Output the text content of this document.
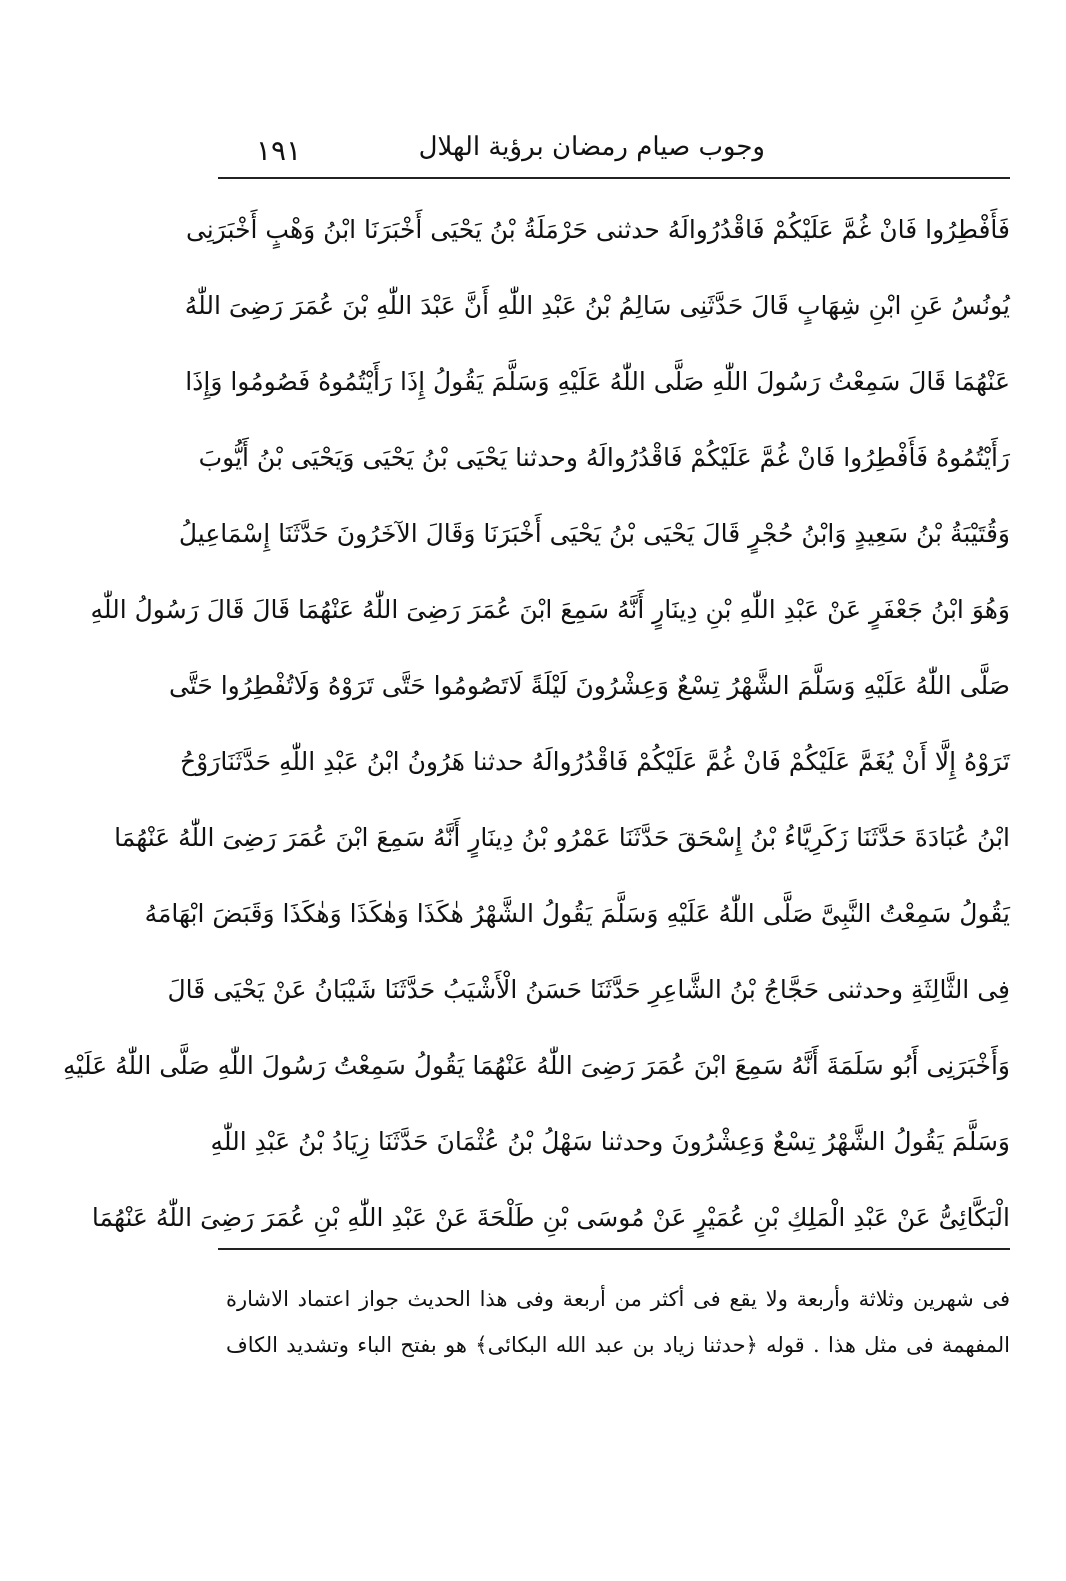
وجوب صيام رمضان برؤية الهلال
١٩١
فَأَفْطِرُوا فَانْ غُمَّ عَلَيْكُمْ فَاقْدُرُوالَهُ حدثنى حَرْمَلَةُ بْنُ يَحْيَى أَخْبَرَنَا ابْنُ وَهْبٍ أَخْبَرَنِى
يُونُسُ عَنِ ابْنِ شِهَابٍ قَالَ حَدَّثَنِى سَالِمُ بْنُ عَبْدِ اللّٰهِ أَنَّ عَبْدَ اللّٰهِ بْنَ عُمَرَ رَضِىَ اللّٰهُ
عَنْهُمَا قَالَ سَمِعْتُ رَسُولَ اللّٰهِ صَلَّى اللّٰهُ عَلَيْهِ وَسَلَّمَ يَقُولُ إِذَا رَأَيْتُمُوهُ فَصُومُوا وَإِذَا
رَأَيْتُمُوهُ فَأَفْطِرُوا فَانْ غُمَّ عَلَيْكُمْ فَاقْدُرُوالَهُ وحدثنا يَحْيَى بْنُ يَحْيَى وَيَحْيَى بْنُ أَيُّوبَ
وَقُتَيْبَةُ بْنُ سَعِيدٍ وَابْنُ حُجْرٍ قَالَ يَحْيَى بْنُ يَحْيَى أَخْبَرَنَا وَقَالَ الآخَرُونَ حَدَّثَنَا إِسْمَاعِيلُ
وَهُوَ ابْنُ جَعْفَرٍ عَنْ عَبْدِ اللّٰهِ بْنِ دِينَارٍ أَنَّهُ سَمِعَ ابْنَ عُمَرَ رَضِىَ اللّٰهُ عَنْهُمَا قَالَ قَالَ رَسُولُ اللّٰهِ
صَلَّى اللّٰهُ عَلَيْهِ وَسَلَّمَ الشَّهْرُ تِسْعٌ وَعِشْرُونَ لَيْلَةً لَاتَصُومُوا حَتَّى تَرَوْهُ وَلَاتُفْطِرُوا حَتَّى
تَرَوْهُ إِلَّا أَنْ يُغَمَّ عَلَيْكُمْ فَانْ غُمَّ عَلَيْكُمْ فَاقْدُرُوالَهُ حدثنا هَرُونُ ابْنُ عَبْدِ اللّٰهِ حَدَّثَنَارَوْحُ
ابْنُ عُبَادَةَ حَدَّثَنَا زَكَرِيَّاءُ بْنُ إِسْحَقَ حَدَّثَنَا عَمْرُو بْنُ دِينَارٍ أَنَّهُ سَمِعَ ابْنَ عُمَرَ رَضِىَ اللّٰهُ عَنْهُمَا
يَقُولُ سَمِعْتُ النَّبِىَّ صَلَّى اللّٰهُ عَلَيْهِ وَسَلَّمَ يَقُولُ الشَّهْرُ هٰكَذَا وَهٰكَذَا وَهٰكَذَا وَقَبَضَ ابْهَامَهُ
فِى الثَّالِثَةِ وحدثنى حَجَّاجُ بْنُ الشَّاعِرِ حَدَّثَنَا حَسَنُ الْأَشْيَبُ حَدَّثَنَا شَيْبَانُ عَنْ يَحْيَى قَالَ
وَأَخْبَرَنِى أَبُو سَلَمَةَ أَنَّهُ سَمِعَ ابْنَ عُمَرَ رَضِىَ اللّٰهُ عَنْهُمَا يَقُولُ سَمِعْتُ رَسُولَ اللّٰهِ صَلَّى اللّٰهُ عَلَيْهِ
وَسَلَّمَ يَقُولُ الشَّهْرُ تِسْعٌ وَعِشْرُونَ وحدثنا سَهْلُ بْنُ عُثْمَانَ حَدَّثَنَا زِيَادُ بْنُ عَبْدِ اللّٰهِ
الْبَكَّائِىُّ عَنْ عَبْدِ الْمَلِكِ بْنِ عُمَيْرٍ عَنْ مُوسَى بْنِ طَلْحَةَ عَنْ عَبْدِ اللّٰهِ بْنِ عُمَرَ رَضِىَ اللّٰهُ عَنْهُمَا
فى شهرين وثلاثة وأربعة ولا يقع فى أكثر من أربعة وفى هذا الحديث جواز اعتماد الاشارة
المفهمة فى مثل هذا . قوله ﴿حدثنا زياد بن عبد الله البكائى﴾ هو بفتح الباء وتشديد الكاف
